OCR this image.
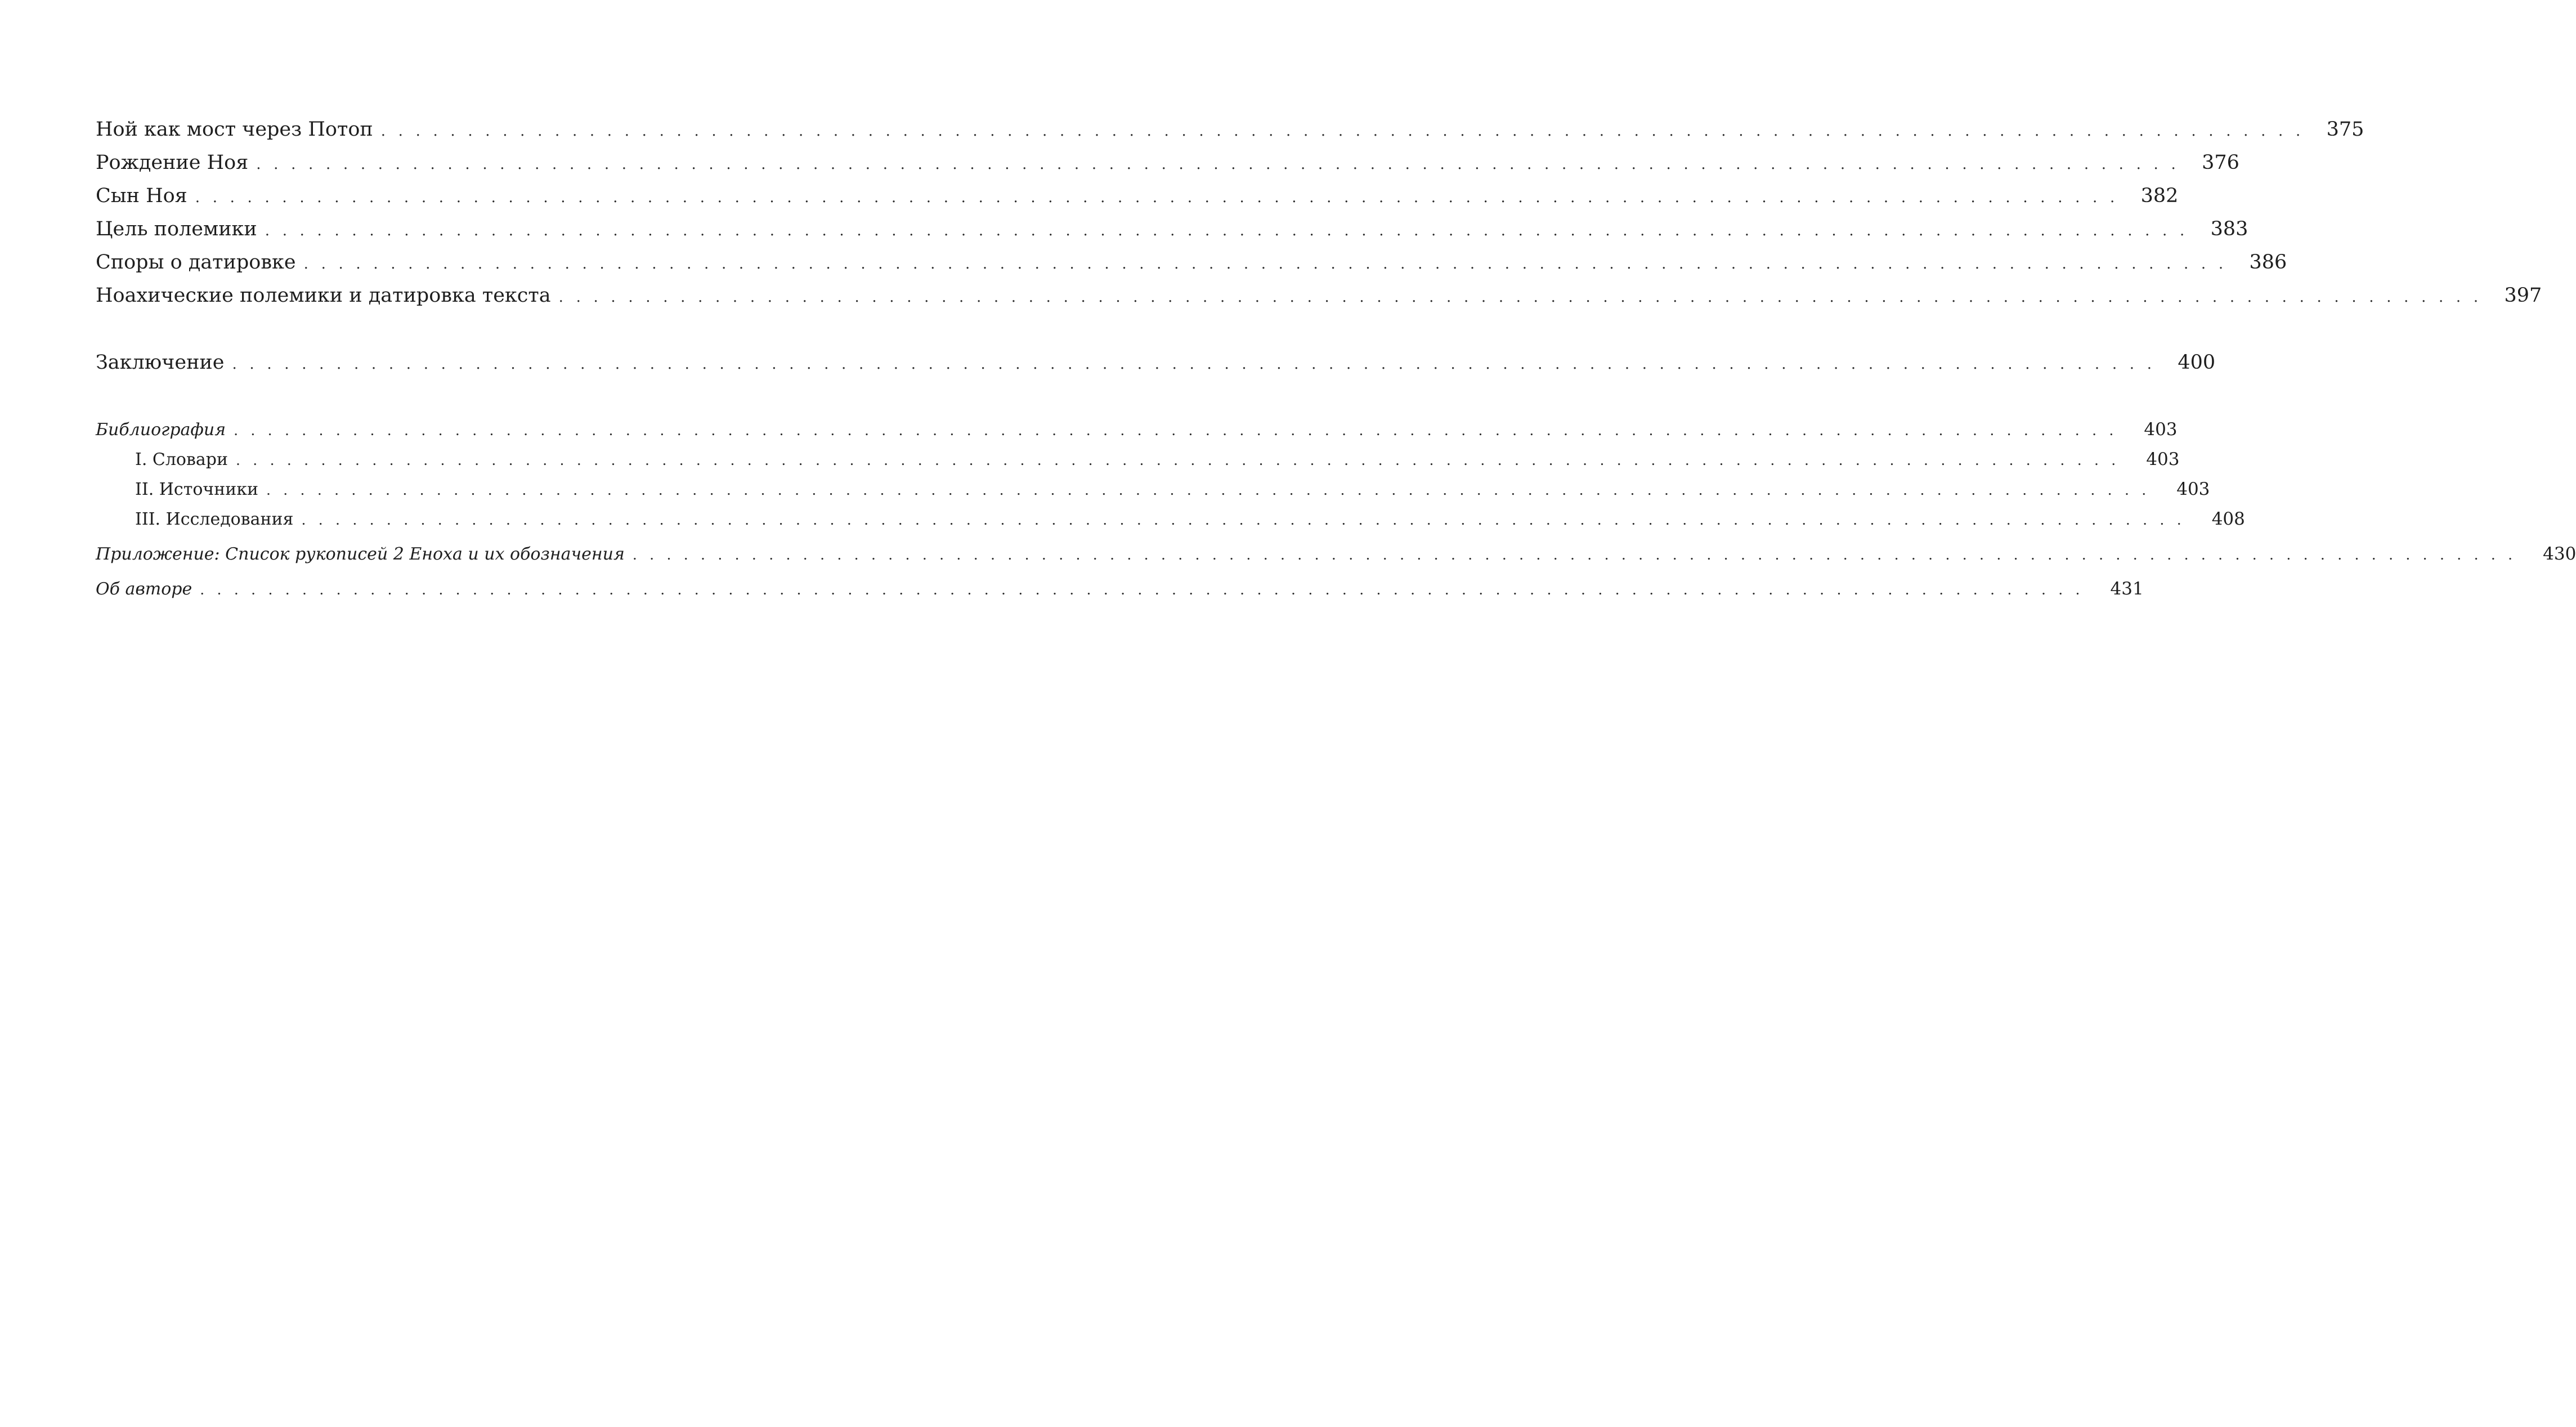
Ной как мост через Потоп . . . . . . . . . . . . . . . . . . . . . . . . . . . . . . . . . . . . . . . . . . . . . . . . . . . . . . . . . . . . . . . . . . . . . . . . . . . . . . . . . . . . . . . . . . . . . . . . . . . . . . . . . . . . . . .	375
Рождение Ноя . . . . . . . . . . . . . . . . . . . . . . . . . . . . . . . . . . . . . . . . . . . . . . . . . . . . . . . . . . . . . . . . . . . . . . . . . . . . . . . . . . . . . . . . . . . . . . . . . . . . . . . . . . . . . . .	376
Сын Ноя . . . . . . . . . . . . . . . . . . . . . . . . . . . . . . . . . . . . . . . . . . . . . . . . . . . . . . . . . . . . . . . . . . . . . . . . . . . . . . . . . . . . . . . . . . . . . . . . . . . . . . . . . . . . . . .	382
Цель полемики . . . . . . . . . . . . . . . . . . . . . . . . . . . . . . . . . . . . . . . . . . . . . . . . . . . . . . . . . . . . . . . . . . . . . . . . . . . . . . . . . . . . . . . . . . . . . . . . . . . . . . . . . . . . . . .	383
Споры о датировке . . . . . . . . . . . . . . . . . . . . . . . . . . . . . . . . . . . . . . . . . . . . . . . . . . . . . . . . . . . . . . . . . . . . . . . . . . . . . . . . . . . . . . . . . . . . . . . . . . . . . . . . . . . . . . .	386
Ноахические полемики и датировка текста . . . . . . . . . . . . . . . . . . . . . . . . . . . . . . . . . . . . . . . . . . . . . . . . . . . . . . . . . . . . . . . . . . . . . . . . . . . . . . . . . . . . . . . . . . . . . . . . . . . . . . . . . . . . . . .	397
Заключение . . . . . . . . . . . . . . . . . . . . . . . . . . . . . . . . . . . . . . . . . . . . . . . . . . . . . . . . . . . . . . . . . . . . . . . . . . . . . . . . . . . . . . . . . . . . . . . . . . . . . . . . . . . . . . .	400
Библиография . . . . . . . . . . . . . . . . . . . . . . . . . . . . . . . . . . . . . . . . . . . . . . . . . . . . . . . . . . . . . . . . . . . . . . . . . . . . . . . . . . . . . . . . . . . . . . . . . . . . . . . . . . . . . . .	403
I. Словари . . . . . . . . . . . . . . . . . . . . . . . . . . . . . . . . . . . . . . . . . . . . . . . . . . . . . . . . . . . . . . . . . . . . . . . . . . . . . . . . . . . . . . . . . . . . . . . . . . . . . . . . . . . . . . .	403
II. Источники . . . . . . . . . . . . . . . . . . . . . . . . . . . . . . . . . . . . . . . . . . . . . . . . . . . . . . . . . . . . . . . . . . . . . . . . . . . . . . . . . . . . . . . . . . . . . . . . . . . . . . . . . . . . . . .	403
III. Исследования . . . . . . . . . . . . . . . . . . . . . . . . . . . . . . . . . . . . . . . . . . . . . . . . . . . . . . . . . . . . . . . . . . . . . . . . . . . . . . . . . . . . . . . . . . . . . . . . . . . . . . . . . . . . . . .	408
Приложение: Список рукописей 2 Еноха и их обозначения . . . . . . . . . . . . . . . . . . . . . . . . . . . . . . . . . . . . . . . . . . . . . . . . . . . . . . . . . . . . . . . . . . . . . . . . . . . . . . . . . . . . . . . . . . . . . . . . . . . . . . . . . . . . . . .	430
Об авторе . . . . . . . . . . . . . . . . . . . . . . . . . . . . . . . . . . . . . . . . . . . . . . . . . . . . . . . . . . . . . . . . . . . . . . . . . . . . . . . . . . . . . . . . . . . . . . . . . . . . . . . . . . . . . . .	431
